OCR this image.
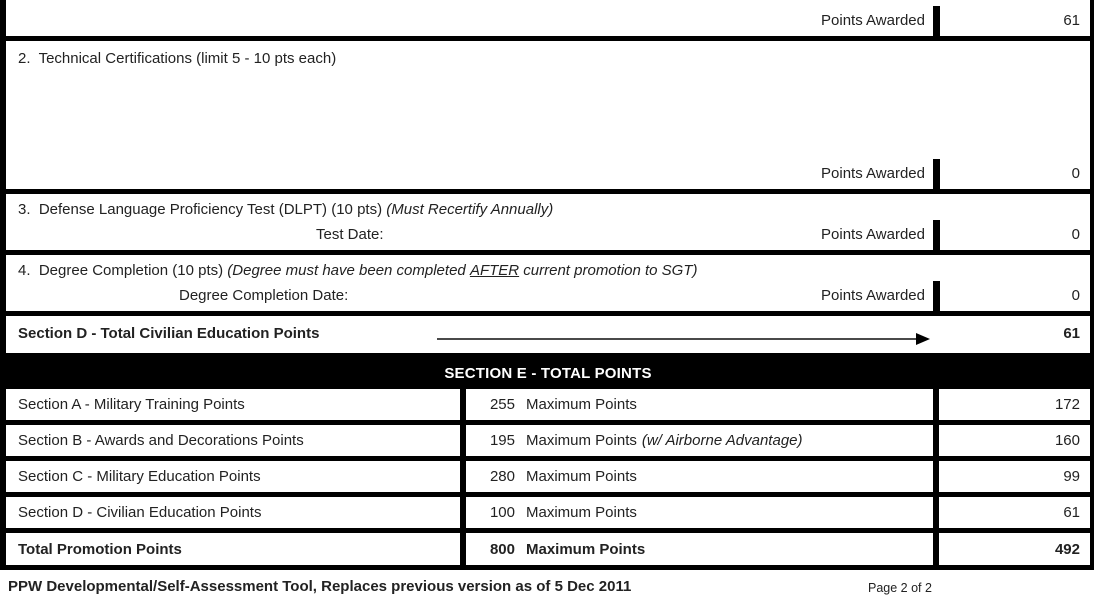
Points Awarded	61
2.  Technical Certifications (limit 5 - 10 pts each)
Points Awarded	0
3.  Defense Language Proficiency Test (DLPT) (10 pts) (Must Recertify Annually)
Test Date:	Points Awarded	0
4.  Degree Completion (10 pts) (Degree must have been completed AFTER current promotion to SGT)
Degree Completion Date:	Points Awarded	0
Section D - Total Civilian Education Points	61
SECTION E - TOTAL POINTS
Section A - Military Training Points	255 Maximum Points	172
Section B - Awards and Decorations Points	195 Maximum Points (w/ Airborne Advantage)	160
Section C - Military Education Points	280 Maximum Points	99
Section D - Civilian Education Points	100 Maximum Points	61
Total Promotion Points	800 Maximum Points	492
PPW Developmental/Self-Assessment Tool, Replaces previous version as of 5 Dec 2011	Page 2 of 2
